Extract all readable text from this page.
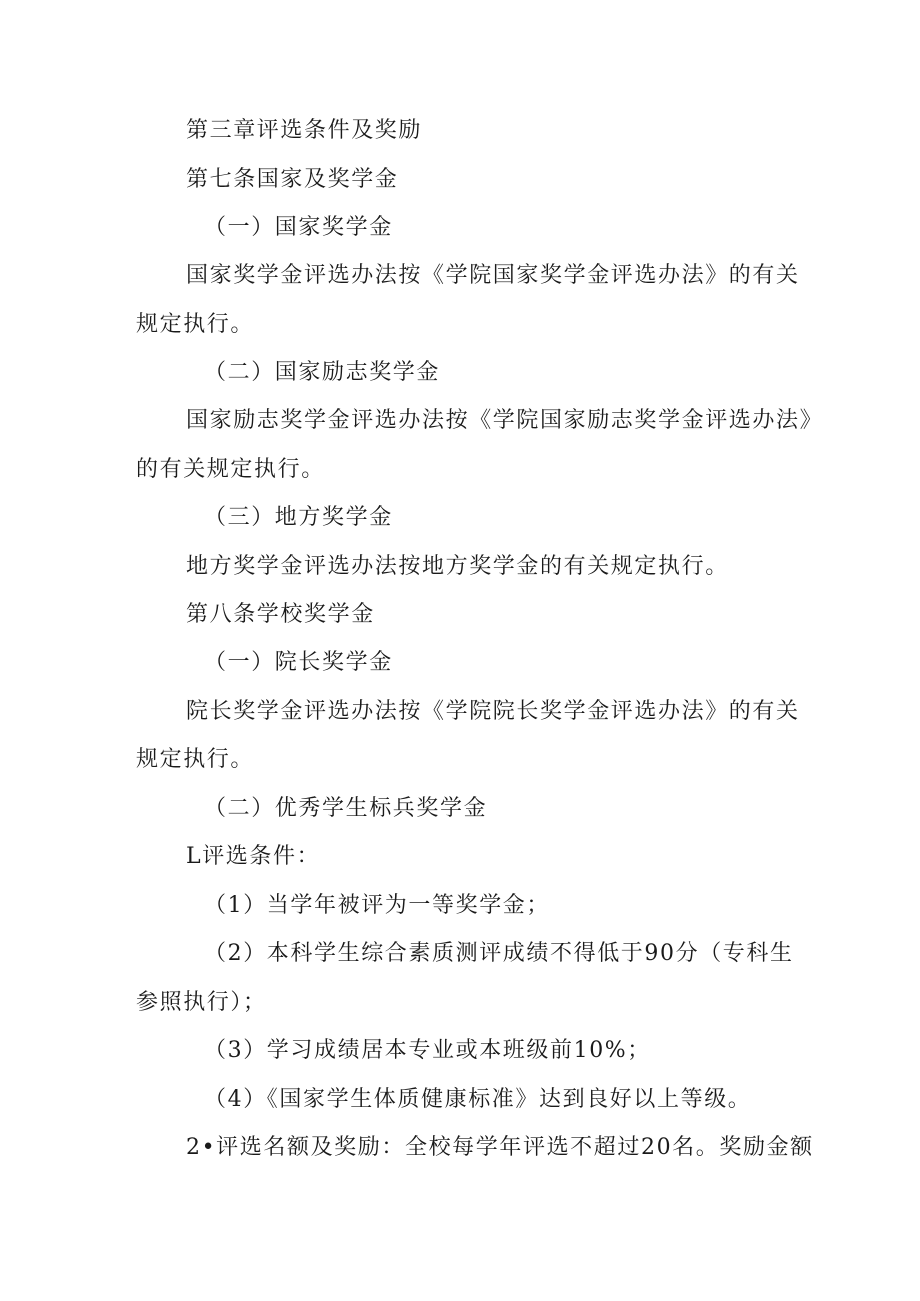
第三章评选条件及奖励
第七条国家及奖学金
（一）国家奖学金
国家奖学金评选办法按《学院国家奖学金评选办法》的有关
规定执行。
（二）国家励志奖学金
国家励志奖学金评选办法按《学院国家励志奖学金评选办法》
的有关规定执行。
（三）地方奖学金
地方奖学金评选办法按地方奖学金的有关规定执行。
第八条学校奖学金
（一）院长奖学金
院长奖学金评选办法按《学院院长奖学金评选办法》的有关
规定执行。
（二）优秀学生标兵奖学金
L评选条件：
（1）当学年被评为一等奖学金；
（2）本科学生综合素质测评成绩不得低于90分（专科生
参照执行）；
（3）学习成绩居本专业或本班级前10%；
（4）《国家学生体质健康标准》达到良好以上等级。
2•评选名额及奖励：全校每学年评选不超过20名。奖励金额
